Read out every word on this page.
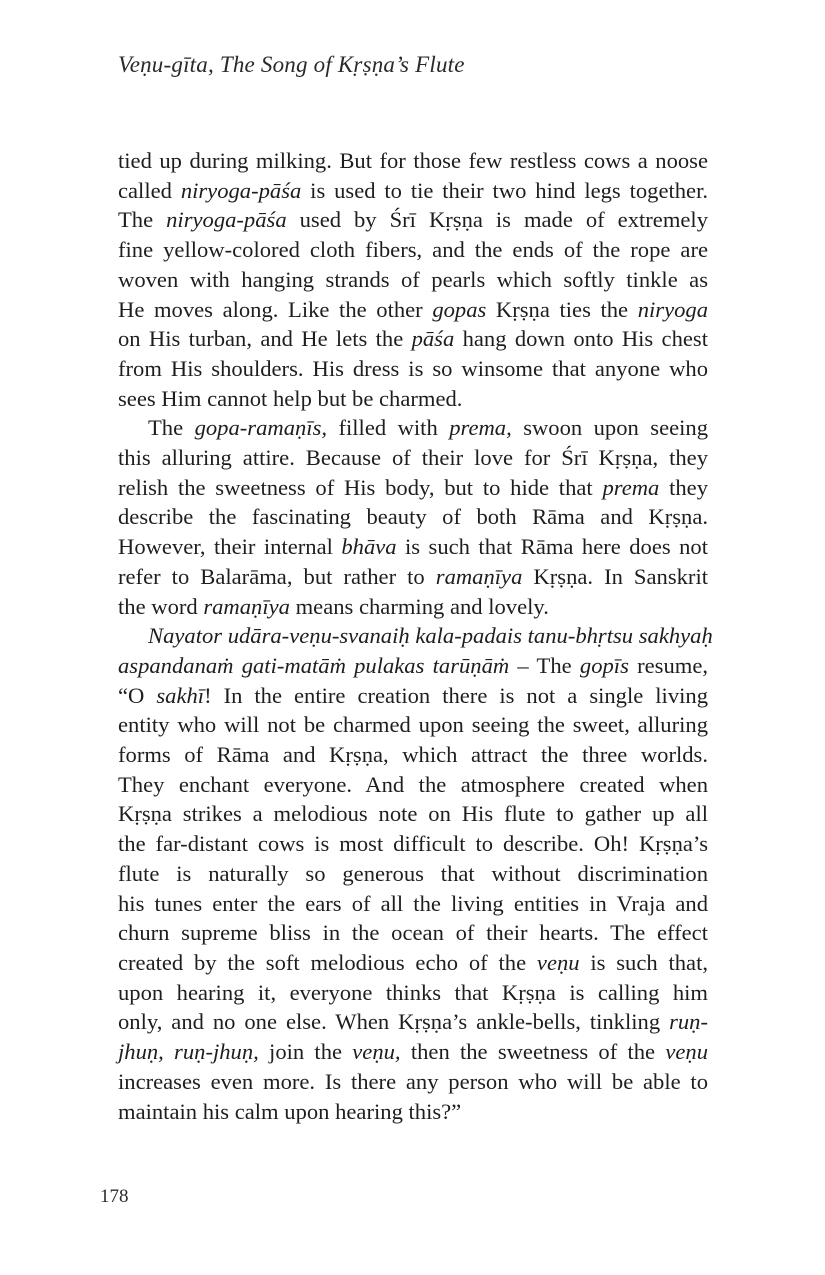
Veṇu-gīta, The Song of Kṛṣṇa’s Flute
tied up during milking. But for those few restless cows a noose
called niryoga-pāśa is used to tie their two hind legs together.
The niryoga-pāśa used by Śrī Kṛṣṇa is made of extremely
fine yellow-colored cloth fibers, and the ends of the rope are
woven with hanging strands of pearls which softly tinkle as
He moves along. Like the other gopas Kṛṣṇa ties the niryoga
on His turban, and He lets the pāśa hang down onto His chest
from His shoulders. His dress is so winsome that anyone who
sees Him cannot help but be charmed.
The gopa-ramaṇīs, filled with prema, swoon upon seeing
this alluring attire. Because of their love for Śrī Kṛṣṇa, they
relish the sweetness of His body, but to hide that prema they
describe the fascinating beauty of both Rāma and Kṛṣṇa.
However, their internal bhāva is such that Rāma here does not
refer to Balarāma, but rather to ramaṇīya Kṛṣṇa. In Sanskrit
the word ramaṇīya means charming and lovely.
Nayator udāra-veṇu-svanaiḥ kala-padais tanu-bhṛtsu sakhyaḥ
aspandanaṁ gati-matāṁ pulakas tarūṇāṁ – The gopīs resume,
“O sakhī! In the entire creation there is not a single living
entity who will not be charmed upon seeing the sweet, alluring
forms of Rāma and Kṛṣṇa, which attract the three worlds.
They enchant everyone. And the atmosphere created when
Kṛṣṇa strikes a melodious note on His flute to gather up all
the far-distant cows is most difficult to describe. Oh! Kṛṣṇa’s
flute is naturally so generous that without discrimination
his tunes enter the ears of all the living entities in Vraja and
churn supreme bliss in the ocean of their hearts. The effect
created by the soft melodious echo of the veṇu is such that,
upon hearing it, everyone thinks that Kṛṣṇa is calling him
only, and no one else. When Kṛṣṇa’s ankle-bells, tinkling ruṇ-
jhuṇ, ruṇ-jhuṇ, join the veṇu, then the sweetness of the veṇu
increases even more. Is there any person who will be able to
maintain his calm upon hearing this?”
178
